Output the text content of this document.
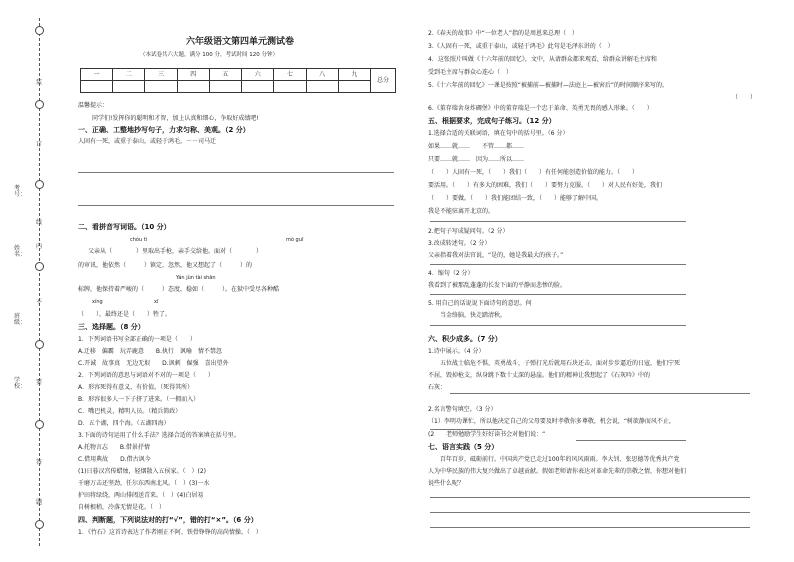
装
订
线
内
不
要
答
题
考号：
姓名：
班级：
学校：
六年级语文第四单元测试卷
（本试卷共六大题，满分 100 分，考试时间 120 分钟）
一	二	三	四	五	六	七	八	九	总分

温馨提示：
同学们!发挥你的聪明和才智，加上认真和细心，争取好成绩吧!
一、正确、工整地抄写句子，力求匀称、美观。（2 分）
人固有一死，或重于泰山，或轻于鸿毛。－－司马迁
二、看拼音写词语。（10 分）
chóu tì	mò guī
父亲从（　　　　）里取出手枪，亲手交给他。面对（　　　　）
的审讯，他依然（　　　）镇定，忽然，他又想起了（　　　）的
Yán jùn tài shān
标牌，他保持着严峻的（　　　）态度，稳如（　　　）。在狱中受尽各种酷
xíng	xī
（　　），最终还是（　　）牲了。
三、选择题。（8 分）
1．下列词语书写全部正确的一项是（　　）
A.迁移　偏霸　玩弄鹿意　　B.执行　讽喻　情不禁忽
C.开诚　故事真　无边无垠　　D.讽刺　倔强　喜出望外
2．下列词语的意思与词语对不对的一项是（　　）
A．形容死得有意义，有价值。（死得其所）
B．形容很多人一下子挤了进来。（一拥而入）
C．嘴巴机灵，精明人员。（精兵简政）
D．五个湖，四个海。（五湖四海）
3.下面的诗句运用了什么手法？选择合适的答案填在括号里。
A.托物言志　　B.借景抒情
C.借用典故　　D.借古讽今
(1)日暮汉宫传蜡烛，轻烟散入五侯家。（　）(2)
千磨万击还坚劲，任尔东西南北风。（　）(3)一水
护田将绿绕，两山排闼送青来。（　）(4)白居易
自树根稍，冷落无情是花。（　）
四、判断题，下列说法对的打“√”，错的打“×”。（6 分）
1．《竹石》这首诗表达了作者刚正不阿、铁骨铮铮的高尚情操。（　）
2.《春天的故事》中“一位老人”指的是周恩来总理（　）
3.《人固有一死，或重于泰山，或轻于鸿毛》此句是毛泽东讲的（　）
4．这张照片叫做《十六年前的回忆》，文中，从请群众都来观看，给群众讲解毛主席和
受到毛主席与群众心连心（　）
5.《十六年前的回忆》一课是按照“被捕前—被捕时—法庭上—被害后”的时间顺序来写的。
（　　）
6.《董存瑞舍身炸碉堡》中的董存瑞是一个忠于革命、英勇无畏的感人形象。（　　）
五、根据要求，完成句子练习。（12 分）
1.选择合适的关联词语，填在句中的括号里。（6 分）
如果……就……　　不管……都……
只要……就……　因为……所以……
（　　）人固有一死，（　　）我们（　　）有任何能创造价值的能力。（　　）
要活用。（　　）有多大的困难，我们（　　）要努力克服。（　　）对人民有好处，我们
（　　）要做。（　　）我们能团结一致，（　　）能够了解中国。
我是不能驻离开北京的。
2.把句子写成疑问句。（2 分）
3.改成转述句。（2 分）
父亲指着我对法官说，“是的，她是我最大的孩子。”
4．缩句（2 分）
我看到了被那乱蓬蓬的长发下面的平静而悲惨的脸。
5. 用自己的话说说下面诗句的意思。何
当金络脑，快走踏清秋。
六、积少成多。（7 分）
1.诗中展示。（4 分）
五位战士临危不惧，英勇战斗，子弹打光后就用石块还击，面对步步逼近的日寇，他们宁死
不屈，毁掉枪支，纵身跳下数十丈深的悬崖。他们的精神让我想起了《石灰吟》中的
石灰：
2.名言警句填空。（3 分）
（1）李明功课忙，所以他决定自己的父母要及时孝敬你多尊敬，机会说，“树欲静而风不止，
(2　　老师勉励学生好好读书会对他们说：“
七、语言实践（5 分）
百年百岁，砥砺前行。中国共产党已走过100年的风风雨雨。李大钊、张思德等优秀共产党
人为中华民族的伟大复兴做出了卓越贡献。假如老师请你表达对革命先辈的崇敬之情，你想对他们
说些什么呢？
